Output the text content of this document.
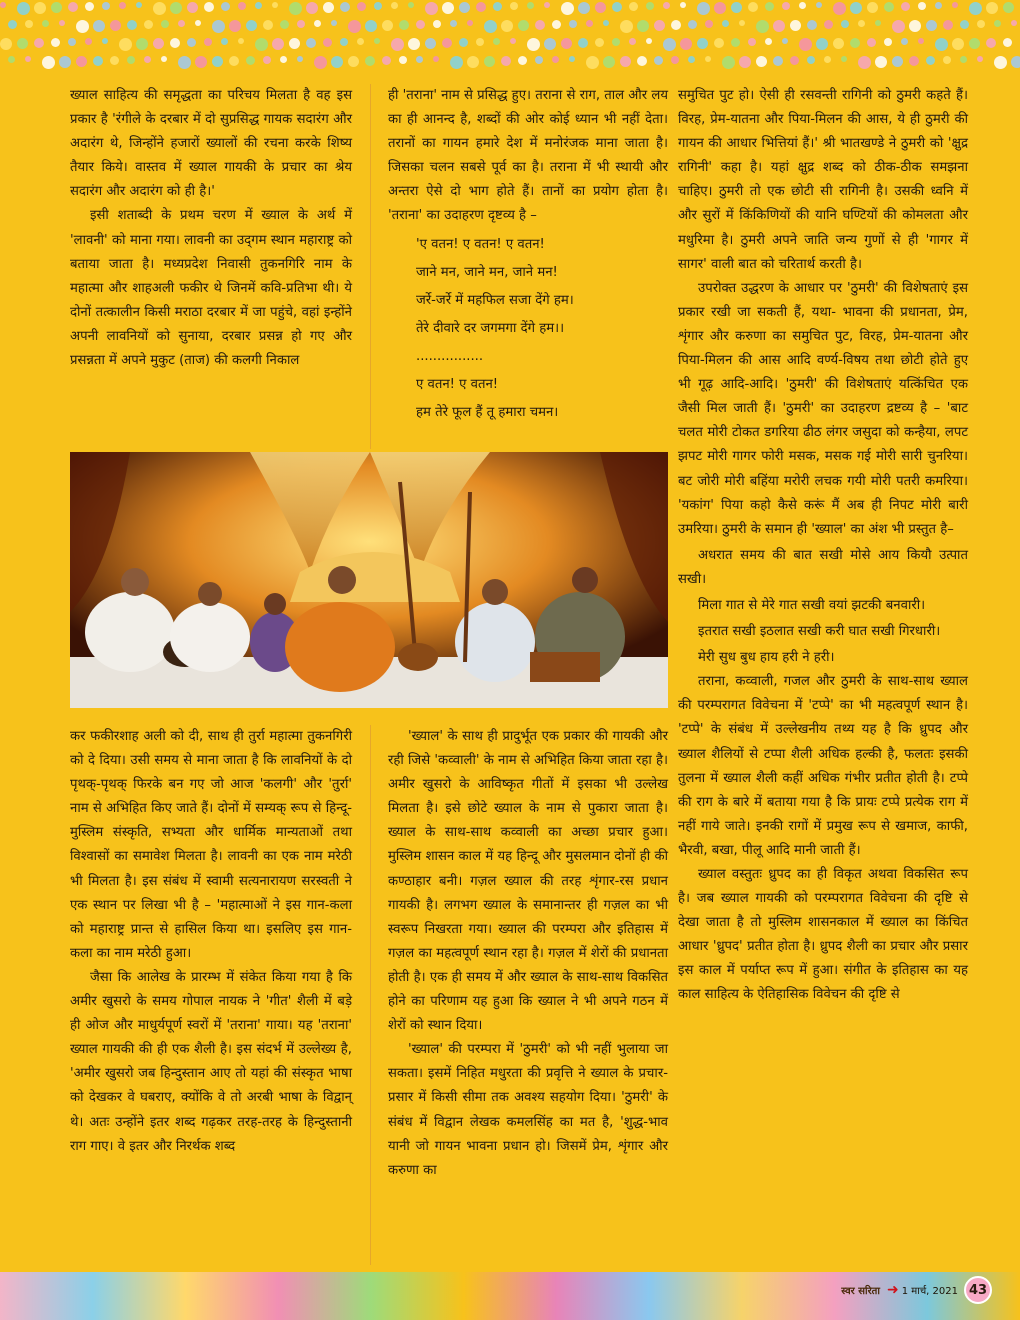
ख्याल साहित्य की समृद्धता का परिचय मिलता है वह इस प्रकार है 'रंगीले के दरबार में दो सुप्रसिद्ध गायक सदारंग और अदारंग थे, जिन्होंने हजारों ख्यालों की रचना करके शिष्य तैयार किये। वास्तव में ख्याल गायकी के प्रचार का श्रेय सदारंग और अदारंग को ही है।'

इसी शताब्दी के प्रथम चरण में ख्याल के अर्थ में 'लावनी' को माना गया। लावनी का उद्‌गम स्थान महाराष्ट्र को बताया जाता है। मध्यप्रदेश निवासी तुकनगिरि नाम के महात्मा और शाहअली फकीर थे जिनमें कवि-प्रतिभा थी। ये दोनों तत्कालीन किसी मराठा दरबार में जा पहुंचे, वहां इन्होंने अपनी लावनियों को सुनाया, दरबार प्रसन्न हो गए और प्रसन्नता में अपने मुकुट (ताज) की कलगी निकाल

ही 'तराना' नाम से प्रसिद्ध हुए। तराना से राग, ताल और लय का ही आनन्द है, शब्दों की ओर कोई ध्यान भी नहीं देता। तरानों का गायन हमारे देश में मनोरंजक माना जाता है। जिसका चलन सबसे पूर्व का है। तराना में भी स्थायी और अन्तरा ऐसे दो भाग होते हैं। तानों का प्रयोग होता है। 'तराना' का उदाहरण दृष्टव्य है –

'ए वतन! ए वतन! ए वतन!

जाने मन, जाने मन, जाने मन!

जर्रे-जर्रे में महफिल सजा देंगे हम।

तेरे दीवारे दर जगमगा देंगे हम।।

................

ए वतन! ए वतन!

हम तेरे फूल हैं तू हमारा चमन।

कर फकीरशाह अली को दी, साथ ही तुर्रा महात्मा तुकनगिरी को दे दिया। उसी समय से माना जाता है कि लावनियों के दो पृथक्-पृथक् फिरके बन गए जो आज 'कलगी' और 'तुर्रा' नाम से अभिहित किए जाते हैं। दोनों में सम्यक् रूप से हिन्दू-मुस्लिम संस्कृति, सभ्यता और धार्मिक मान्यताओं तथा विश्वासों का समावेश मिलता है। लावनी का एक नाम मरेठी भी मिलता है। इस संबंध में स्वामी सत्यनारायण सरस्वती ने एक स्थान पर लिखा भी है – 'महात्माओं ने इस गान-कला को महाराष्ट्र प्रान्त से हासिल किया था। इसलिए इस गान-कला का नाम मरेठी हुआ।

जैसा कि आलेख के प्रारम्भ में संकेत किया गया है कि अमीर खुसरो के समय गोपाल नायक ने 'गीत' शैली में बड़े ही ओज और माधुर्यपूर्ण स्वरों में 'तराना' गाया। यह 'तराना' ख्याल गायकी की ही एक शैली है। इस संदर्भ में उल्लेख्य है, 'अमीर खुसरो जब हिन्दुस्तान आए तो यहां की संस्कृत भाषा को देखकर वे घबराए, क्योंकि वे तो अरबी भाषा के विद्वान् थे। अतः उन्होंने इतर शब्द गढ़कर तरह-तरह के हिन्दुस्तानी राग गाए। वे इतर और निरर्थक शब्द

'ख्याल' के साथ ही प्रादुर्भूत एक प्रकार की गायकी और रही जिसे 'कव्वाली' के नाम से अभिहित किया जाता रहा है। अमीर खुसरो के आविष्कृत गीतों में इसका भी उल्लेख मिलता है। इसे छोटे ख्याल के नाम से पुकारा जाता है। ख्याल के साथ-साथ कव्वाली का अच्छा प्रचार हुआ। मुस्लिम शासन काल में यह हिन्दू और मुसलमान दोनों ही की कण्ठाहार बनी। गज़ल ख्याल की तरह शृंगार-रस प्रधान गायकी है। लगभग ख्याल के समानान्तर ही गज़ल का भी स्वरूप निखरता गया। ख्याल की परम्परा और इतिहास में गज़ल का महत्वपूर्ण स्थान रहा है। गज़ल में शेरों की प्रधानता होती है। एक ही समय में और ख्याल के साथ-साथ विकसित होने का परिणाम यह हुआ कि ख्याल ने भी अपने गठन में शेरों को स्थान दिया।

'ख्याल' की परम्परा में 'ठुमरी' को भी नहीं भुलाया जा सकता। इसमें निहित मधुरता की प्रवृत्ति ने ख्याल के प्रचार-प्रसार में किसी सीमा तक अवश्य सहयोग दिया। 'ठुमरी' के संबंध में विद्वान लेखक कमलसिंह का मत है, 'शुद्ध-भाव यानी जो गायन भावना प्रधान हो। जिसमें प्रेम, शृंगार और करुणा का

समुचित पुट हो। ऐसी ही रसवन्ती रागिनी को ठुमरी कहते हैं। विरह, प्रेम-यातना और पिया-मिलन की आस, ये ही ठुमरी की गायन की आधार भित्तियां हैं।' श्री भातखण्डे ने ठुमरी को 'क्षुद्र रागिनी' कहा है। यहां क्षुद्र शब्द को ठीक-ठीक समझना चाहिए। ठुमरी तो एक छोटी सी रागिनी है। उसकी ध्वनि में और सुरों में किंकिणियों की यानि घण्टियों की कोमलता और मधुरिमा है। ठुमरी अपने जाति जन्य गुणों से ही 'गागर में सागर' वाली बात को चरितार्थ करती है।

उपरोक्त उद्धरण के आधार पर 'ठुमरी' की विशेषताएं इस प्रकार रखी जा सकती हैं, यथा- भावना की प्रधानता, प्रेम, शृंगार और करुणा का समुचित पुट, विरह, प्रेम-यातना और पिया-मिलन की आस आदि वर्ण्य-विषय तथा छोटी होते हुए भी गूढ़ आदि-आदि। 'ठुमरी' की विशेषताएं यत्किंचित एक जैसी मिल जाती हैं। 'ठुमरी' का उदाहरण द्रष्टव्य है – 'बाट चलत मोरी टोकत डगरिया ढीठ लंगर जसुदा को कन्हैया, लपट झपट मोरी गागर फोरी मसक, मसक गई मोरी सारी चुनरिया। बट जोरी मोरी बहिंया मरोरी लचक गयी मोरी पतरी कमरिया। 'यकांग' पिया कहो कैसे करूं मैं अब ही निपट मोरी बारी उमरिया। ठुमरी के समान ही 'ख्याल' का अंश भी प्रस्तुत है–

अधरात समय की बात सखी मोसे आय कियौ उत्पात सखी।

मिला गात से मेरे गात सखी वयां झटकी बनवारी।

इतरात सखी इठलात सखी करी घात सखी गिरधारी।

मेरी सुध बुध हाय हरी ने हरी।

तराना, कव्वाली, गजल और ठुमरी के साथ-साथ ख्याल की परम्परागत विवेचना में 'टप्पे' का भी महत्वपूर्ण स्थान है। 'टप्पे' के संबंध में उल्लेखनीय तथ्य यह है कि ध्रुपद और ख्याल शैलियों से टप्पा शैली अधिक हल्की है, फलतः इसकी तुलना में ख्याल शैली कहीं अधिक गंभीर प्रतीत होती है। टप्पे की राग के बारे में बताया गया है कि प्रायः टप्पे प्रत्येक राग में नहीं गाये जाते। इनकी रागों में प्रमुख रूप से खमाज, काफी, भैरवी, बखा, पीलू आदि मानी जाती हैं।

ख्याल वस्तुतः ध्रुपद का ही विकृत अथवा विकसित रूप है। जब ख्याल गायकी को परम्परागत विवेचना की दृष्टि से देखा जाता है तो मुस्लिम शासनकाल में ख्याल का किंचित आधार 'ध्रुपद' प्रतीत होता है। ध्रुपद शैली का प्रचार और प्रसार इस काल में पर्याप्त रूप में हुआ। संगीत के इतिहास का यह काल साहित्य के ऐतिहासिक विवेचन की दृष्टि से

स्वर सरिता ➜ 1 मार्च, 2021 43
